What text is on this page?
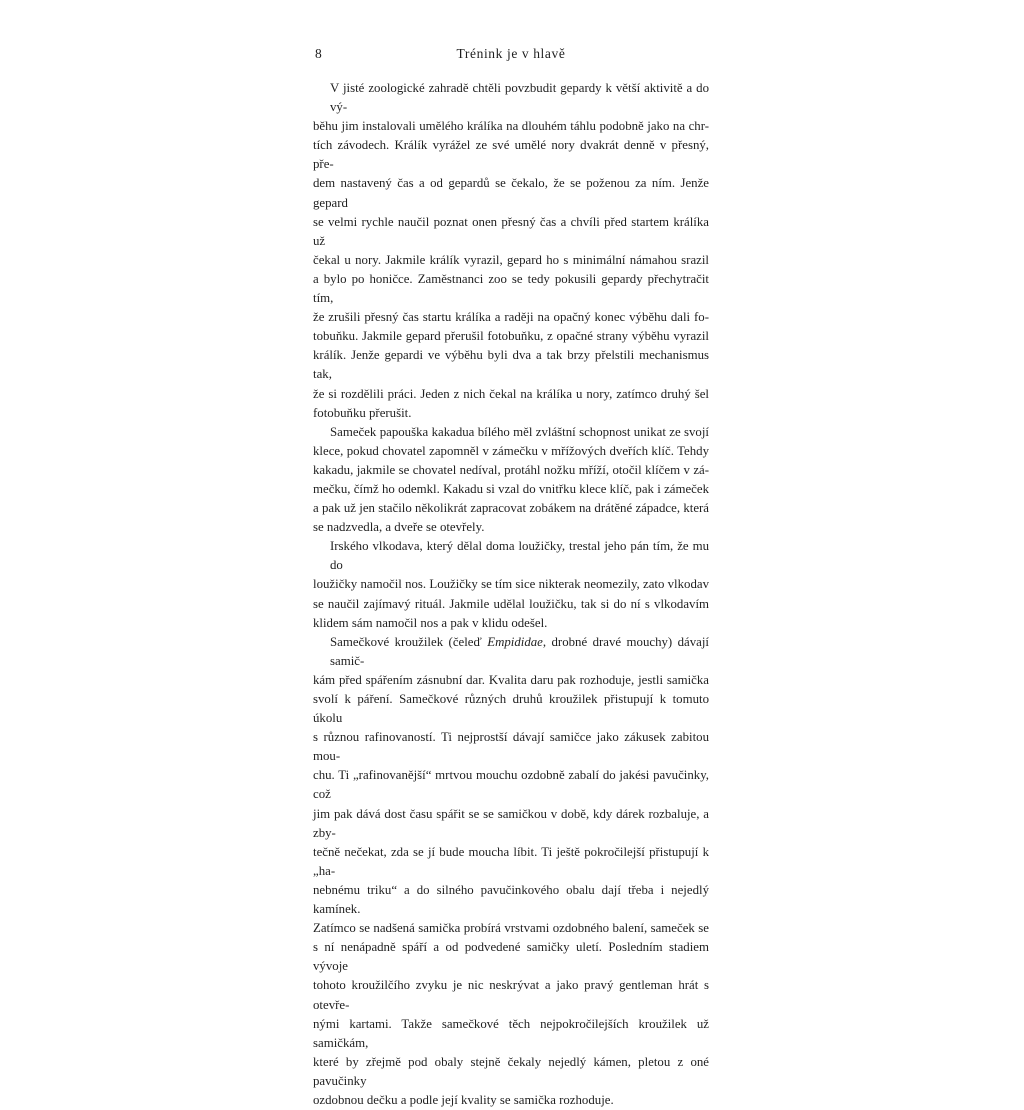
8	Trénink je v hlavě

V jisté zoologické zahradě chtěli povzbudit gepardy k větší aktivitě a do vý-
běhu jim instalovali umělého králíka na dlouhém táhlu podobně jako na chr-
tích závodech. Králík vyrážel ze své umělé nory dvakrát denně v přesný, pře-
dem nastavený čas a od gepardů se čekalo, že se poženou za ním. Jenže gepard
se velmi rychle naučil poznat onen přesný čas a chvíli před startem králíka už
čekal u nory. Jakmile králík vyrazil, gepard ho s minimální námahou srazil
a bylo po honičce. Zaměstnanci zoo se tedy pokusili gepardy přechytračit tím,
že zrušili přesný čas startu králíka a raději na opačný konec výběhu dali fo-
tobuňku. Jakmile gepard přerušil fotobuňku, z opačné strany výběhu vyrazil
králík. Jenže gepardi ve výběhu byli dva a tak brzy přelstili mechanismus tak,
že si rozdělili práci. Jeden z nich čekal na králíka u nory, zatímco druhý šel
fotobuňku přerušit.

Sameček papouška kakadua bílého měl zvláštní schopnost unikat ze svojí
klece, pokud chovatel zapomněl v zámečku v mřížových dveřích klíč. Tehdy
kakadu, jakmile se chovatel nedíval, protáhl nožku mříží, otočil klíčem v zá-
mečku, čímž ho odemkl. Kakadu si vzal do vnitřku klece klíč, pak i zámeček
a pak už jen stačilo několikrát zapracovat zobákem na drátěné západce, která
se nadzvedla, a dveře se otevřely.

Irského vlkodava, který dělal doma loužičky, trestal jeho pán tím, že mu do
loužičky namočil nos. Loužičky se tím sice nikterak neomezily, zato vlkodav
se naučil zajímavý rituál. Jakmile udělal loužičku, tak si do ní s vlkodavím
klidem sám namočil nos a pak v klidu odešel.

Samečkové kroužilek (čeleď Empididae, drobné dravé mouchy) dávají samič-
kám před spářením zásnubní dar. Kvalita daru pak rozhoduje, jestli samička
svolí k páření. Samečkové různých druhů kroužilek přistupují k tomuto úkolu
s různou rafinovaností. Ti nejprostší dávají samičce jako zákusek zabitou mou-
chu. Ti „rafinovanější“ mrtvou mouchu ozdobně zabalí do jakési pavučinky, což
jim pak dává dost času spářit se se samičkou v době, kdy dárek rozbaluje, a zby-
tečně nečekat, zda se jí bude moucha líbit. Ti ještě pokročilejší přistupují k „ha-
nebnému triku“ a do silného pavučinkového obalu dají třeba i nejedlý kamínek.
Zatímco se nadšená samička probírá vrstvami ozdobného balení, sameček se
s ní nenápadně spáří a od podvedené samičky uletí. Posledním stadiem vývoje
tohoto kroužilčího zvyku je nic neskrývat a jako pravý gentleman hrát s otevře-
nými kartami. Takže samečkové těch nejpokročilejších kroužilek už samičkám,
které by zřejmě pod obaly stejně čekaly nejedlý kámen, pletou z oné pavučinky
ozdobnou dečku a podle její kvality se samička rozhoduje.
